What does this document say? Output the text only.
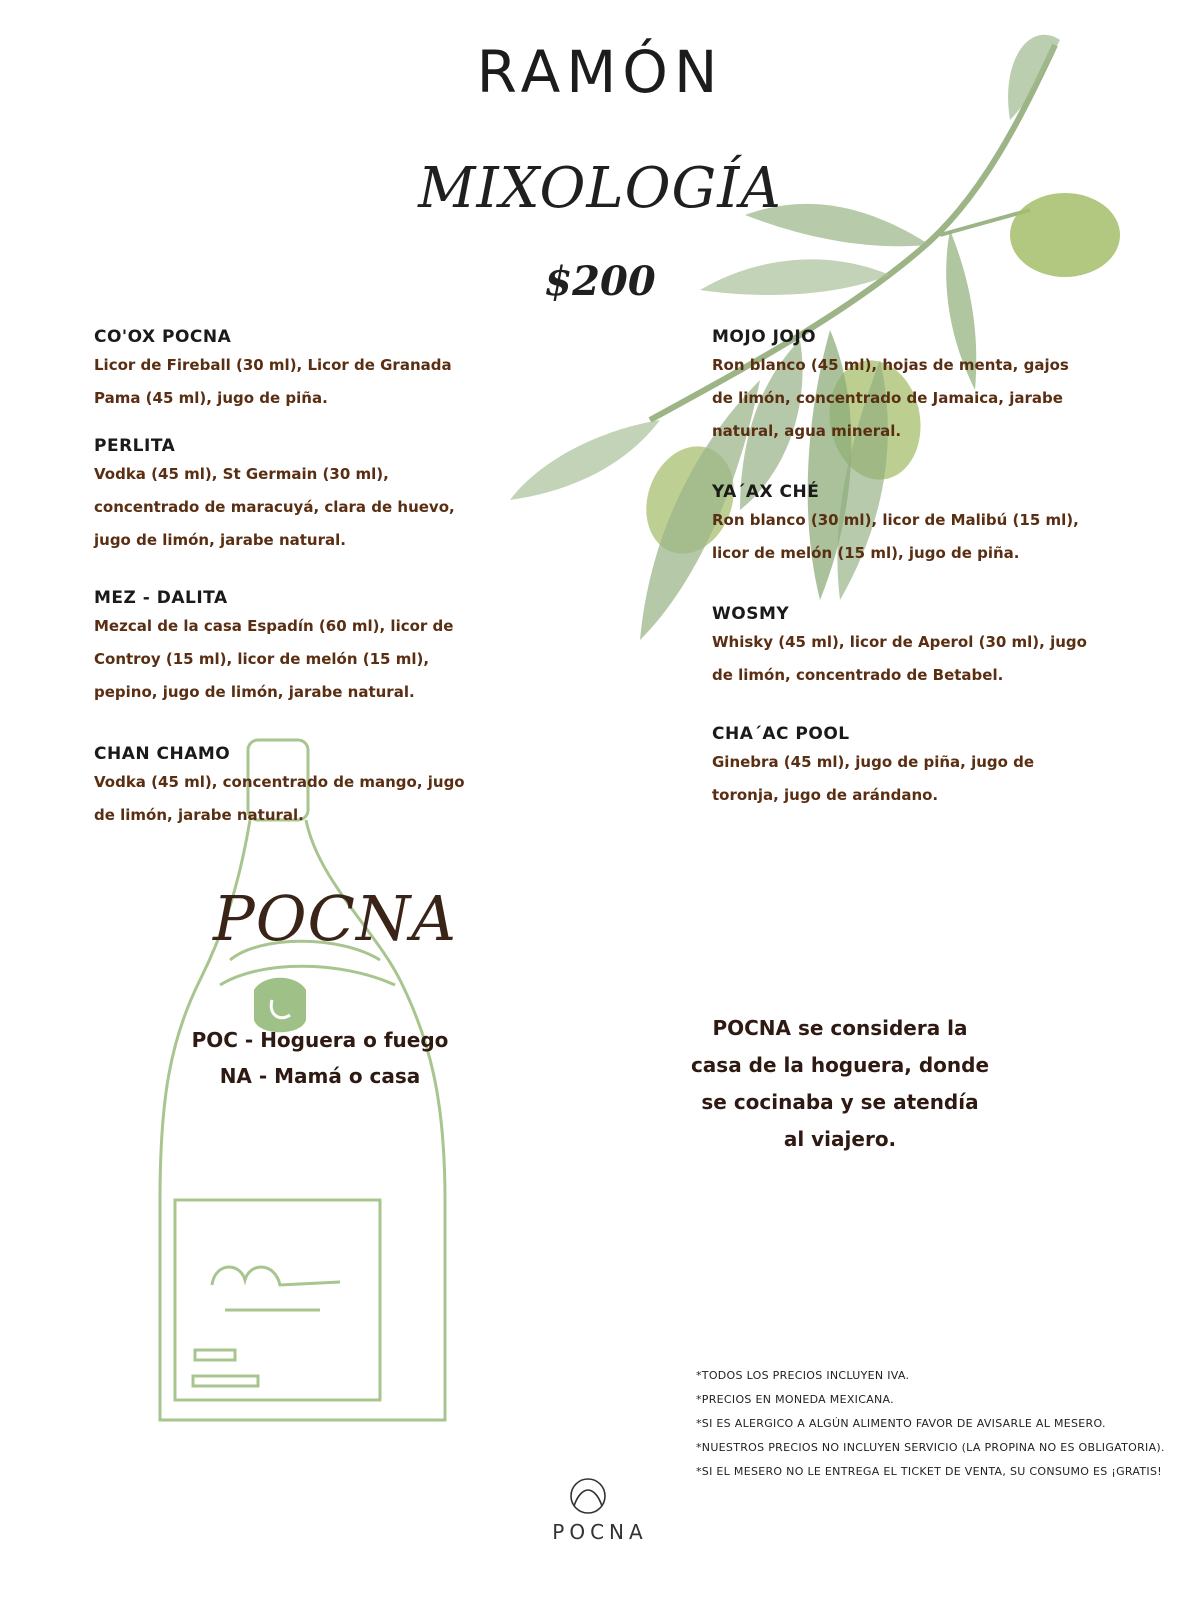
RAMÓN
MIXOLOGÍA
$200
CO'OX POCNA
Licor de Fireball (30 ml), Licor de Granada Pama (45 ml), jugo de piña.
PERLITA
Vodka (45 ml), St Germain (30 ml), concentrado de maracuyá, clara de huevo, jugo de limón, jarabe natural.
MEZ - DALITA
Mezcal de la casa Espadín (60 ml), licor de Controy (15 ml), licor de melón (15 ml), pepino, jugo de limón, jarabe natural.
CHAN CHAMO
Vodka (45 ml), concentrado de mango, jugo de limón, jarabe natural.
MOJO JOJO
Ron blanco (45 ml), hojas de menta, gajos de limón, concentrado de Jamaica, jarabe natural, agua mineral.
YA´AX CHÉ
Ron blanco (30 ml), licor de Malibú (15 ml), licor de melón (15 ml), jugo de piña.
WOSMY
Whisky (45 ml), licor de Aperol (30 ml), jugo de limón, concentrado de Betabel.
CHA´AC POOL
Ginebra (45 ml), jugo de piña, jugo de toronja, jugo de arándano.
POCNA
POC - Hoguera o fuego
NA - Mamá o casa
POCNA se considera la casa de la hoguera, donde se cocinaba y se atendía al viajero.
*TODOS LOS PRECIOS INCLUYEN IVA.
*PRECIOS EN MONEDA MEXICANA.
*SI ES ALERGICO A ALGÚN ALIMENTO FAVOR DE AVISARLE AL MESERO.
*NUESTROS PRECIOS NO INCLUYEN SERVICIO (LA PROPINA NO ES OBLIGATORIA).
*SI EL MESERO NO LE ENTREGA EL TICKET DE VENTA, SU CONSUMO ES ¡GRATIS!
POCNA
